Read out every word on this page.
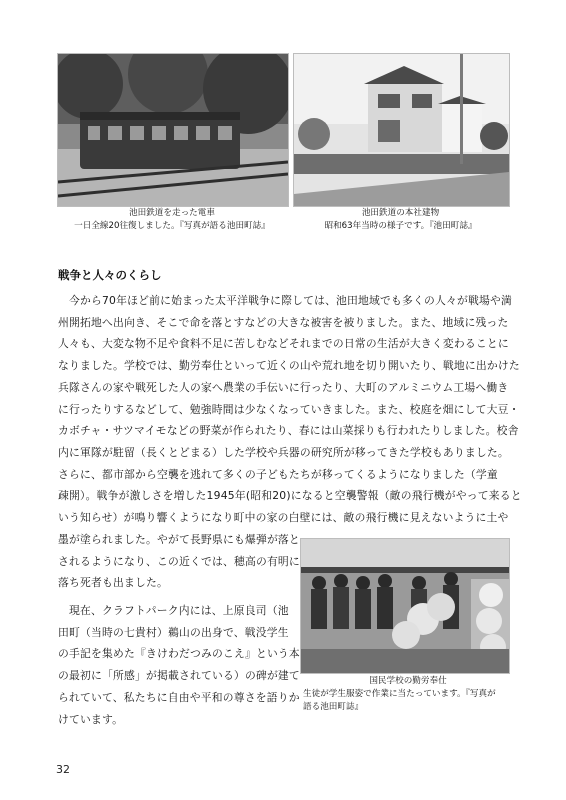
池田鉄道を走った電車
一日全線20往復しました。『写真が語る池田町誌』
池田鉄道の本社建物
昭和63年当時の様子です。『池田町誌』
戦争と人々のくらし
　今から70年ほど前に始まった太平洋戦争に際しては、池田地域でも多くの人々が戦場や満
州開拓地へ出向き、そこで命を落とすなどの大きな被害を被りました。また、地域に残った
人々も、大変な物不足や食料不足に苦しむなどそれまでの日常の生活が大きく変わることに
なりました。学校では、勤労奉仕といって近くの山や荒れ地を切り開いたり、戦地に出かけた
兵隊さんの家や戦死した人の家へ農業の手伝いに行ったり、大町のアルミニウム工場へ働き
に行ったりするなどして、勉強時間は少なくなっていきました。また、校庭を畑にして大豆・
カボチャ・サツマイモなどの野菜が作られたり、春には山菜採りも行われたりしました。校舎
内に軍隊が駐留（長くとどまる）した学校や兵器の研究所が移ってきた学校もありました。
さらに、都市部から空襲を逃れて多くの子どもたちが移ってくるようになりました（学童
疎開）。戦争が激しさを増した1945年(昭和20)になると空襲警報（敵の飛行機がやって来ると
いう知らせ）が鳴り響くようになり町中の家の白壁には、敵の飛行機に見えないように土や
墨が塗られました。やがて長野県にも爆弾が落と
されるようになり、この近くでは、穂高の有明に
落ち死者も出ました。
　現在、クラフトパーク内には、上原良司（池
田町（当時の七貴村）鵜山の出身で、戦没学生
の手記を集めた『きけわだつみのこえ』という本
の最初に「所感」が掲載されている）の碑が建て
られていて、私たちに自由や平和の尊さを語りか
けています。
国民学校の勤労奉仕
生徒が学生服姿で作業に当たっています。『写真が
語る池田町誌』
32
